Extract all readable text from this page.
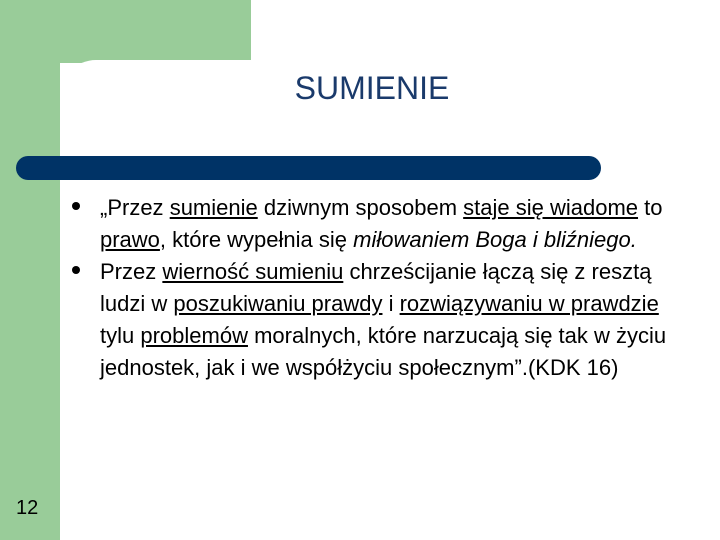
SUMIENIE
„Przez sumienie dziwnym sposobem staje się wiadome to prawo, które wypełnia się miłowaniem Boga i bliźniego.
Przez wierność sumieniu chrześcijanie łączą się z resztą ludzi w poszukiwaniu prawdy i rozwiązywaniu w prawdzie tylu problemów moralnych, które narzucają się tak w życiu jednostek, jak i we współżyciu społecznym”.(KDK 16)
12
